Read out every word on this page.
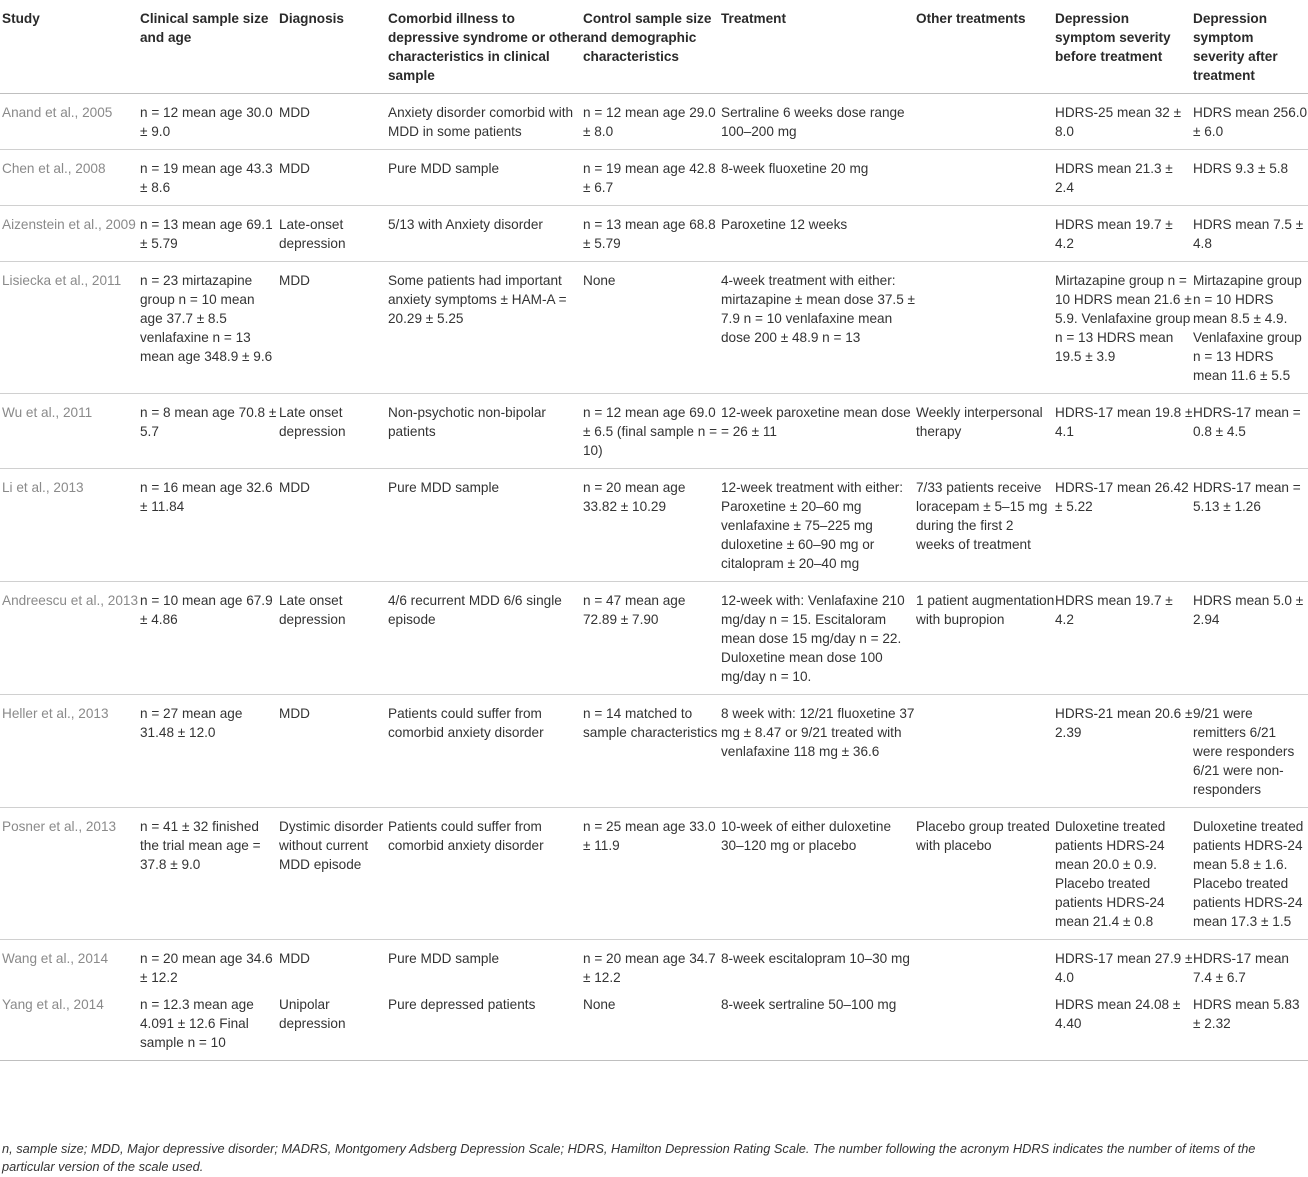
Study	Clinical sample size and age	Diagnosis	Comorbid illness to depressive syndrome or other characteristics in clinical sample	Control sample size and demographic characteristics	Treatment	Other treatments	Depression symptom severity before treatment	Depression symptom severity after treatment
Anand et al., 2005	n = 12 mean age 30.0 ± 9.0	MDD	Anxiety disorder comorbid with MDD in some patients	n = 12 mean age 29.0 ± 8.0	Sertraline 6 weeks dose range 100–200 mg		HDRS-25 mean 32 ± 8.0	HDRS mean 256.0 ± 6.0
Chen et al., 2008	n = 19 mean age 43.3 ± 8.6	MDD	Pure MDD sample	n = 19 mean age 42.8 ± 6.7	8-week fluoxetine 20 mg		HDRS mean 21.3 ± 2.4	HDRS 9.3 ± 5.8
Aizenstein et al., 2009	n = 13 mean age 69.1 ± 5.79	Late-onset depression	5/13 with Anxiety disorder	n = 13 mean age 68.8 ± 5.79	Paroxetine 12 weeks		HDRS mean 19.7 ± 4.2	HDRS mean 7.5 ± 4.8
Lisiecka et al., 2011	n = 23 mirtazapine group n = 10 mean age 37.7 ± 8.5 venlafaxine n = 13 mean age 348.9 ± 9.6	MDD	Some patients had important anxiety symptoms ± HAM-A = 20.29 ± 5.25	None	4-week treatment with either: mirtazapine ± mean dose 37.5 ± 7.9 n = 10 venlafaxine mean dose 200 ± 48.9 n = 13		Mirtazapine group n = 10 HDRS mean 21.6 ± 5.9. Venlafaxine group n = 13 HDRS mean 19.5 ± 3.9	Mirtazapine group n = 10 HDRS mean 8.5 ± 4.9. Venlafaxine group n = 13 HDRS mean 11.6 ± 5.5
Wu et al., 2011	n = 8 mean age 70.8 ± 5.7	Late onset depression	Non-psychotic non-bipolar patients	n = 12 mean age 69.0 ± 6.5 (final sample n = 10)	12-week paroxetine mean dose = 26 ± 11	Weekly interpersonal therapy	HDRS-17 mean 19.8 ± 4.1	HDRS-17 mean = 0.8 ± 4.5
Li et al., 2013	n = 16 mean age 32.6 ± 11.84	MDD	Pure MDD sample	n = 20 mean age 33.82 ± 10.29	12-week treatment with either: Paroxetine ± 20–60 mg venlafaxine ± 75–225 mg duloxetine ± 60–90 mg or citalopram ± 20–40 mg	7/33 patients receive loracepam ± 5–15 mg during the first 2 weeks of treatment	HDRS-17 mean 26.42 ± 5.22	HDRS-17 mean = 5.13 ± 1.26
Andreescu et al., 2013	n = 10 mean age 67.9 ± 4.86	Late onset depression	4/6 recurrent MDD 6/6 single episode	n = 47 mean age 72.89 ± 7.90	12-week with: Venlafaxine 210 mg/day n = 15. Escitaloram mean dose 15 mg/day n = 22. Duloxetine mean dose 100 mg/day n = 10.	1 patient augmentation with bupropion	HDRS mean 19.7 ± 4.2	HDRS mean 5.0 ± 2.94
Heller et al., 2013	n = 27 mean age 31.48 ± 12.0	MDD	Patients could suffer from comorbid anxiety disorder	n = 14 matched to sample characteristics	8 week with: 12/21 fluoxetine 37 mg ± 8.47 or 9/21 treated with venlafaxine 118 mg ± 36.6		HDRS-21 mean 20.6 ± 2.39	9/21 were remitters 6/21 were responders 6/21 were non-responders
Posner et al., 2013	n = 41 ± 32 finished the trial mean age = 37.8 ± 9.0	Dystimic disorder without current MDD episode	Patients could suffer from comorbid anxiety disorder	n = 25 mean age 33.0 ± 11.9	10-week of either duloxetine 30–120 mg or placebo	Placebo group treated with placebo	Duloxetine treated patients HDRS-24 mean 20.0 ± 0.9. Placebo treated patients HDRS-24 mean 21.4 ± 0.8	Duloxetine treated patients HDRS-24 mean 5.8 ± 1.6. Placebo treated patients HDRS-24 mean 17.3 ± 1.5
Wang et al., 2014	n = 20 mean age 34.6 ± 12.2	MDD	Pure MDD sample	n = 20 mean age 34.7 ± 12.2	8-week escitalopram 10–30 mg		HDRS-17 mean 27.9 ± 4.0	HDRS-17 mean 7.4 ± 6.7
Yang et al., 2014	n = 12.3 mean age 4.091 ± 12.6 Final sample n = 10	Unipolar depression	Pure depressed patients	None	8-week sertraline 50–100 mg		HDRS mean 24.08 ± 4.40	HDRS mean 5.83 ± 2.32
n, sample size; MDD, Major depressive disorder; MADRS, Montgomery Adsberg Depression Scale; HDRS, Hamilton Depression Rating Scale. The number following the acronym HDRS indicates the number of items of the particular version of the scale used.
